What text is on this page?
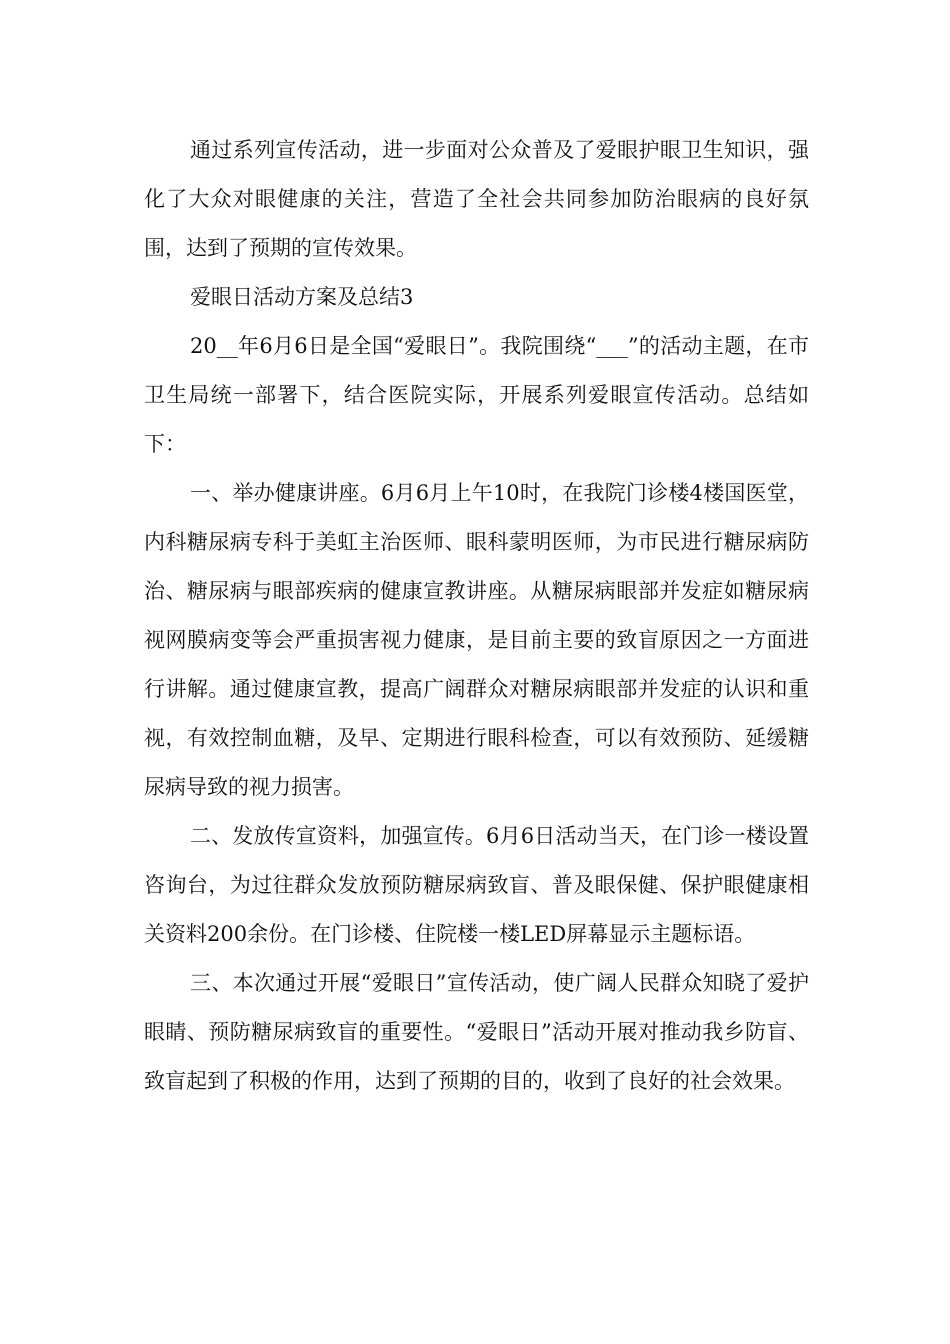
通过系列宣传活动，进一步面对公众普及了爱眼护眼卫生知识，强化了大众对眼健康的关注，营造了全社会共同参加防治眼病的良好氛围，达到了预期的宣传效果。

爱眼日活动方案及总结3

20__年6月6日是全国“爱眼日”。我院围绕“___”的活动主题，在市卫生局统一部署下，结合医院实际，开展系列爱眼宣传活动。总结如下：

一、举办健康讲座。6月6月上午10时，在我院门诊楼4楼国医堂，内科糖尿病专科于美虹主治医师、眼科蒙明医师，为市民进行糖尿病防治、糖尿病与眼部疾病的健康宣教讲座。从糖尿病眼部并发症如糖尿病视网膜病变等会严重损害视力健康，是目前主要的致盲原因之一方面进行讲解。通过健康宣教，提高广阔群众对糖尿病眼部并发症的认识和重视，有效控制血糖，及早、定期进行眼科检查，可以有效预防、延缓糖尿病导致的视力损害。

二、发放传宣资料，加强宣传。6月6日活动当天，在门诊一楼设置咨询台，为过往群众发放预防糖尿病致盲、普及眼保健、保护眼健康相关资料200余份。在门诊楼、住院楼一楼LED屏幕显示主题标语。

三、本次通过开展“爱眼日”宣传活动，使广阔人民群众知晓了爱护眼睛、预防糖尿病致盲的重要性。“爱眼日”活动开展对推动我乡防盲、致盲起到了积极的作用，达到了预期的目的，收到了良好的社会效果。
